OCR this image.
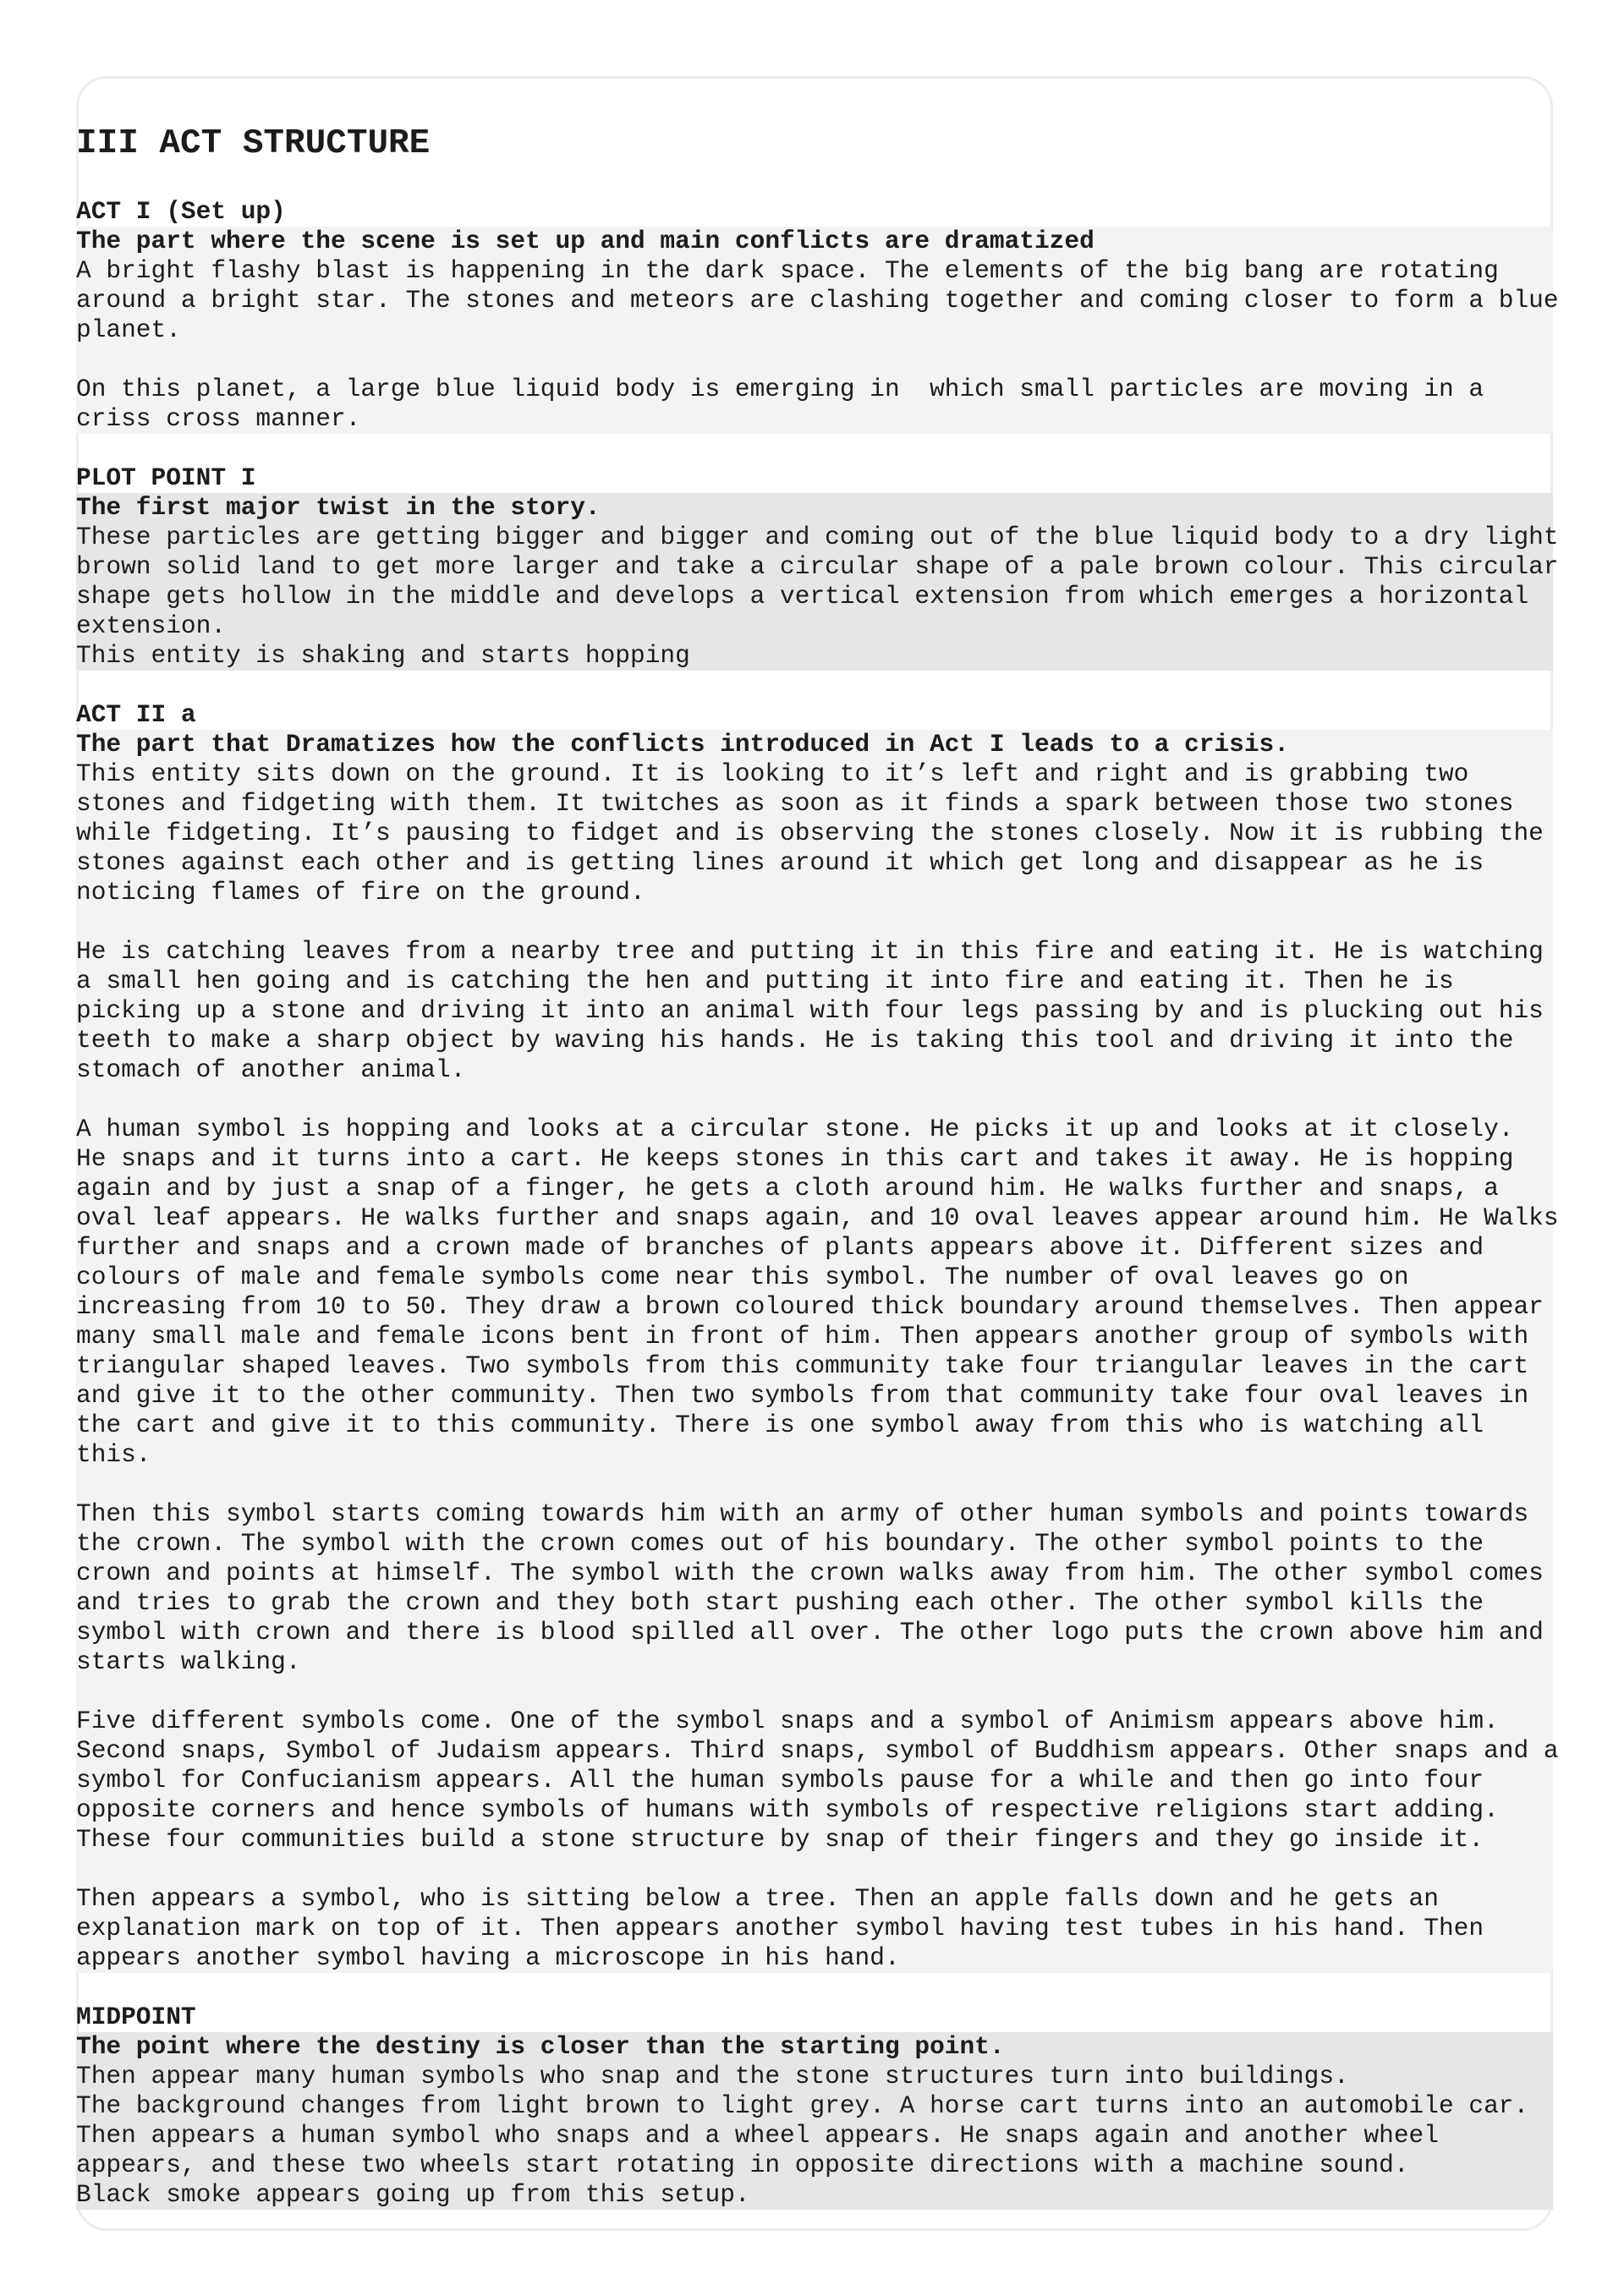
III ACT STRUCTURE
ACT I (Set up)
The part where the scene is set up and main conflicts are dramatized
A bright flashy blast is happening in the dark space. The elements of the big bang are rotating
around a bright star. The stones and meteors are clashing together and coming closer to form a blue
planet.
On this planet, a large blue liquid body is emerging in  which small particles are moving in a
criss cross manner.
PLOT POINT I
The first major twist in the story.
These particles are getting bigger and bigger and coming out of the blue liquid body to a dry light
brown solid land to get more larger and take a circular shape of a pale brown colour. This circular
shape gets hollow in the middle and develops a vertical extension from which emerges a horizontal
extension.
This entity is shaking and starts hopping
ACT II a
The part that Dramatizes how the conflicts introduced in Act I leads to a crisis.
This entity sits down on the ground. It is looking to it’s left and right and is grabbing two
stones and fidgeting with them. It twitches as soon as it finds a spark between those two stones
while fidgeting. It’s pausing to fidget and is observing the stones closely. Now it is rubbing the
stones against each other and is getting lines around it which get long and disappear as he is
noticing flames of fire on the ground.
He is catching leaves from a nearby tree and putting it in this fire and eating it. He is watching
a small hen going and is catching the hen and putting it into fire and eating it. Then he is
picking up a stone and driving it into an animal with four legs passing by and is plucking out his
teeth to make a sharp object by waving his hands. He is taking this tool and driving it into the
stomach of another animal.
A human symbol is hopping and looks at a circular stone. He picks it up and looks at it closely.
He snaps and it turns into a cart. He keeps stones in this cart and takes it away. He is hopping
again and by just a snap of a finger, he gets a cloth around him. He walks further and snaps, a
oval leaf appears. He walks further and snaps again, and 10 oval leaves appear around him. He Walks
further and snaps and a crown made of branches of plants appears above it. Different sizes and
colours of male and female symbols come near this symbol. The number of oval leaves go on
increasing from 10 to 50. They draw a brown coloured thick boundary around themselves. Then appear
many small male and female icons bent in front of him. Then appears another group of symbols with
triangular shaped leaves. Two symbols from this community take four triangular leaves in the cart
and give it to the other community. Then two symbols from that community take four oval leaves in
the cart and give it to this community. There is one symbol away from this who is watching all
this.
Then this symbol starts coming towards him with an army of other human symbols and points towards
the crown. The symbol with the crown comes out of his boundary. The other symbol points to the
crown and points at himself. The symbol with the crown walks away from him. The other symbol comes
and tries to grab the crown and they both start pushing each other. The other symbol kills the
symbol with crown and there is blood spilled all over. The other logo puts the crown above him and
starts walking.
Five different symbols come. One of the symbol snaps and a symbol of Animism appears above him.
Second snaps, Symbol of Judaism appears. Third snaps, symbol of Buddhism appears. Other snaps and a
symbol for Confucianism appears. All the human symbols pause for a while and then go into four
opposite corners and hence symbols of humans with symbols of respective religions start adding.
These four communities build a stone structure by snap of their fingers and they go inside it.
Then appears a symbol, who is sitting below a tree. Then an apple falls down and he gets an
explanation mark on top of it. Then appears another symbol having test tubes in his hand. Then
appears another symbol having a microscope in his hand.
MIDPOINT
The point where the destiny is closer than the starting point.
Then appear many human symbols who snap and the stone structures turn into buildings.
The background changes from light brown to light grey. A horse cart turns into an automobile car.
Then appears a human symbol who snaps and a wheel appears. He snaps again and another wheel
appears, and these two wheels start rotating in opposite directions with a machine sound.
Black smoke appears going up from this setup.
